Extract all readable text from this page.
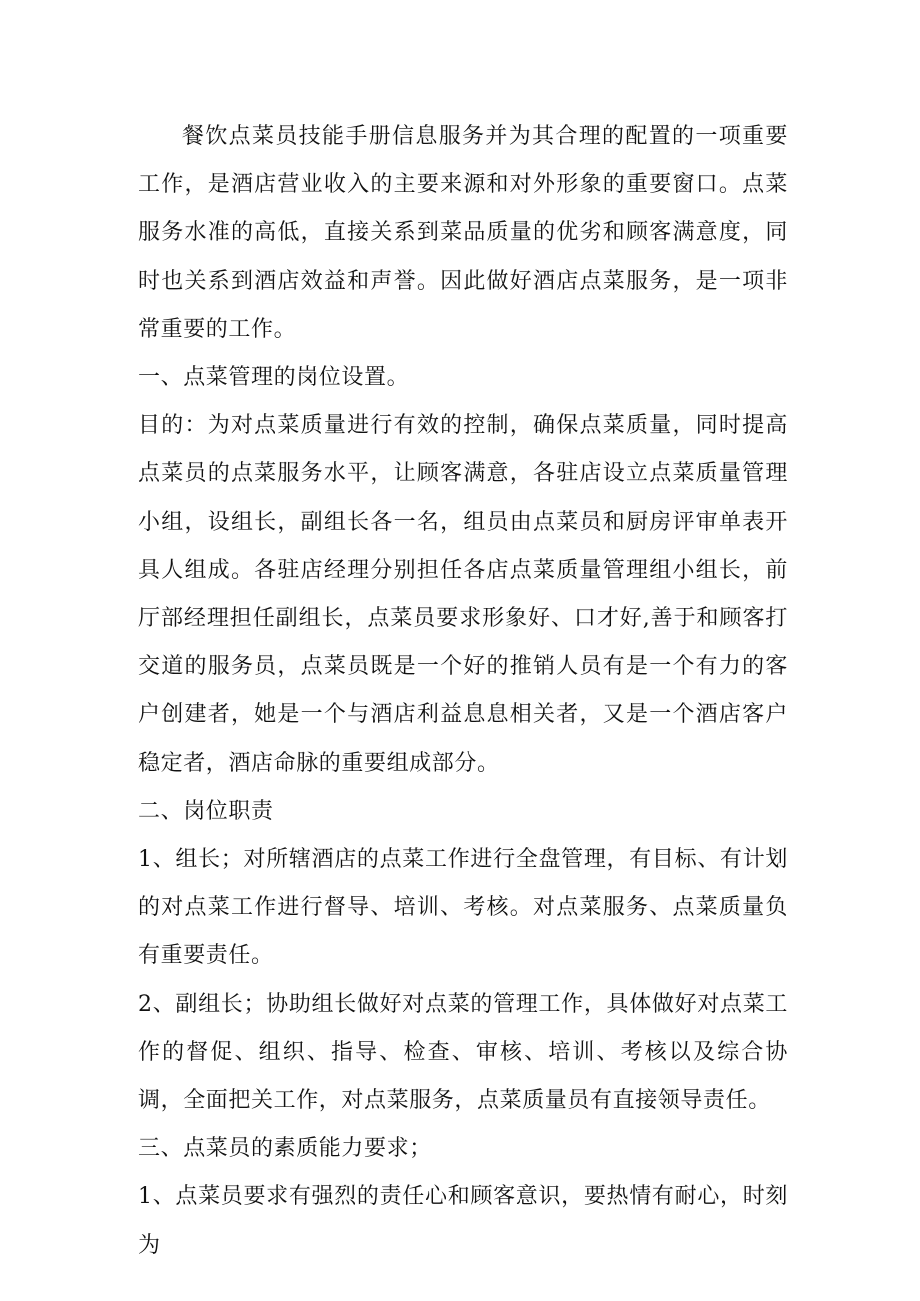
餐饮点菜员技能手册信息服务并为其合理的配置的一项重要工作，是酒店营业收入的主要来源和对外形象的重要窗口。点菜服务水准的高低，直接关系到菜品质量的优劣和顾客满意度，同时也关系到酒店效益和声誉。因此做好酒店点菜服务，是一项非常重要的工作。

一、点菜管理的岗位设置。

目的：为对点菜质量进行有效的控制，确保点菜质量，同时提高点菜员的点菜服务水平，让顾客满意，各驻店设立点菜质量管理小组，设组长，副组长各一名，组员由点菜员和厨房评审单表开具人组成。各驻店经理分别担任各店点菜质量管理组小组长，前厅部经理担任副组长，点菜员要求形象好、口才好,善于和顾客打交道的服务员，点菜员既是一个好的推销人员有是一个有力的客户创建者，她是一个与酒店利益息息相关者，又是一个酒店客户稳定者，酒店命脉的重要组成部分。

二、岗位职责

1、组长；对所辖酒店的点菜工作进行全盘管理，有目标、有计划的对点菜工作进行督导、培训、考核。对点菜服务、点菜质量负有重要责任。

2、副组长；协助组长做好对点菜的管理工作，具体做好对点菜工作的督促、组织、指导、检查、审核、培训、考核以及综合协调，全面把关工作，对点菜服务，点菜质量员有直接领导责任。

三、点菜员的素质能力要求；

1、点菜员要求有强烈的责任心和顾客意识，要热情有耐心，时刻为
